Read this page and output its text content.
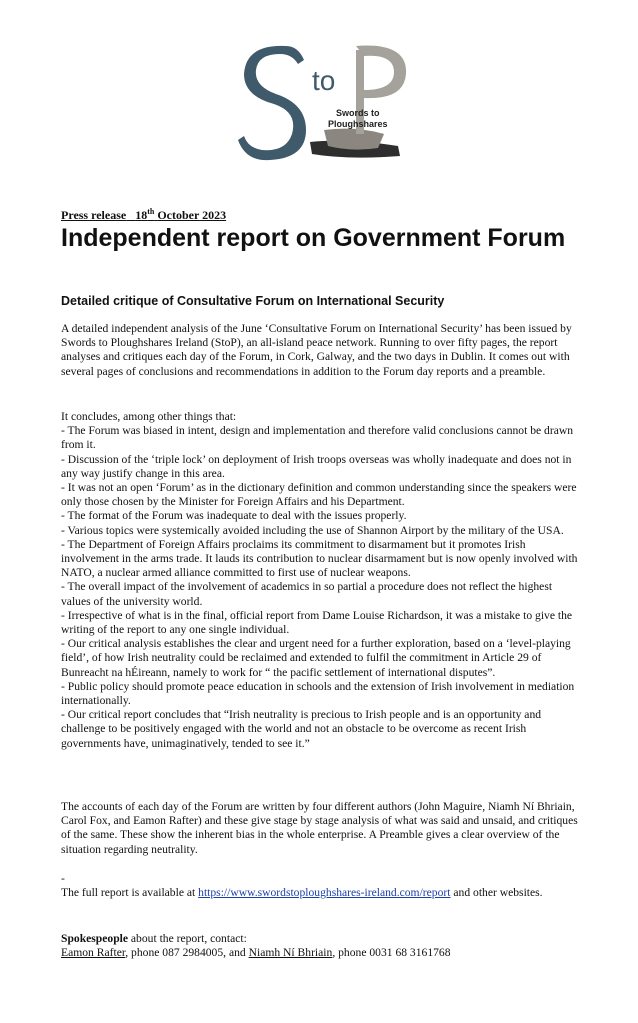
to
Swords to
Ploughshares
Press release 18th October 2023
Independent report on Government Forum
Detailed critique of Consultative Forum on International Security

A detailed independent analysis of the June ‘Consultative Forum on International Security’ has been issued by Swords to Ploughshares Ireland (StoP), an all-island peace network. Running to over fifty pages, the report analyses and critiques each day of the Forum, in Cork, Galway, and the two days in Dublin. It comes out with several pages of conclusions and recommendations in addition to the Forum day reports and a preamble.

It concludes, among other things that:
- The Forum was biased in intent, design and implementation and therefore valid conclusions cannot be drawn from it.
- Discussion of the ‘triple lock’ on deployment of Irish troops overseas was wholly inadequate and does not in any way justify change in this area.
- It was not an open ‘Forum’ as in the dictionary definition and common understanding since the speakers were only those chosen by the Minister for Foreign Affairs and his Department.
- The format of the Forum was inadequate to deal with the issues properly.
- Various topics were systemically avoided including the use of Shannon Airport by the military of the USA.
- The Department of Foreign Affairs proclaims its commitment to disarmament but it promotes Irish involvement in the arms trade. It lauds its contribution to nuclear disarmament but is now openly involved with NATO, a nuclear armed alliance committed to first use of nuclear weapons.
- The overall impact of the involvement of academics in so partial a procedure does not reflect the highest values of the university world.
- Irrespective of what is in the final, official report from Dame Louise Richardson, it was a mistake to give the writing of the report to any one single individual.
- Our critical analysis establishes the clear and urgent need for a further exploration, based on a ‘level-playing field’, of how Irish neutrality could be reclaimed and extended to fulfil the commitment in Article 29 of Bunreacht na hÉireann, namely to work for “ the pacific settlement of international disputes”.
- Public policy should promote peace education in schools and the extension of Irish involvement in mediation internationally.
- Our critical report concludes that “Irish neutrality is precious to Irish people and is an opportunity and challenge to be positively engaged with the world and not an obstacle to be overcome as recent Irish governments have, unimaginatively, tended to see it.”

The accounts of each day of the Forum are written by four different authors (John Maguire, Niamh Ní Bhriain, Carol Fox, and Eamon Rafter) and these give stage by stage analysis of what was said and unsaid, and critiques of the same. These show the inherent bias in the whole enterprise. A Preamble gives a clear overview of the situation regarding neutrality.

-

The full report is available at https://www.swordstoploughshares-ireland.com/report and other websites.

Spokespeople about the report, contact:
Eamon Rafter, phone 087 2984005, and Niamh Ní Bhriain, phone 0031 68 3161768
